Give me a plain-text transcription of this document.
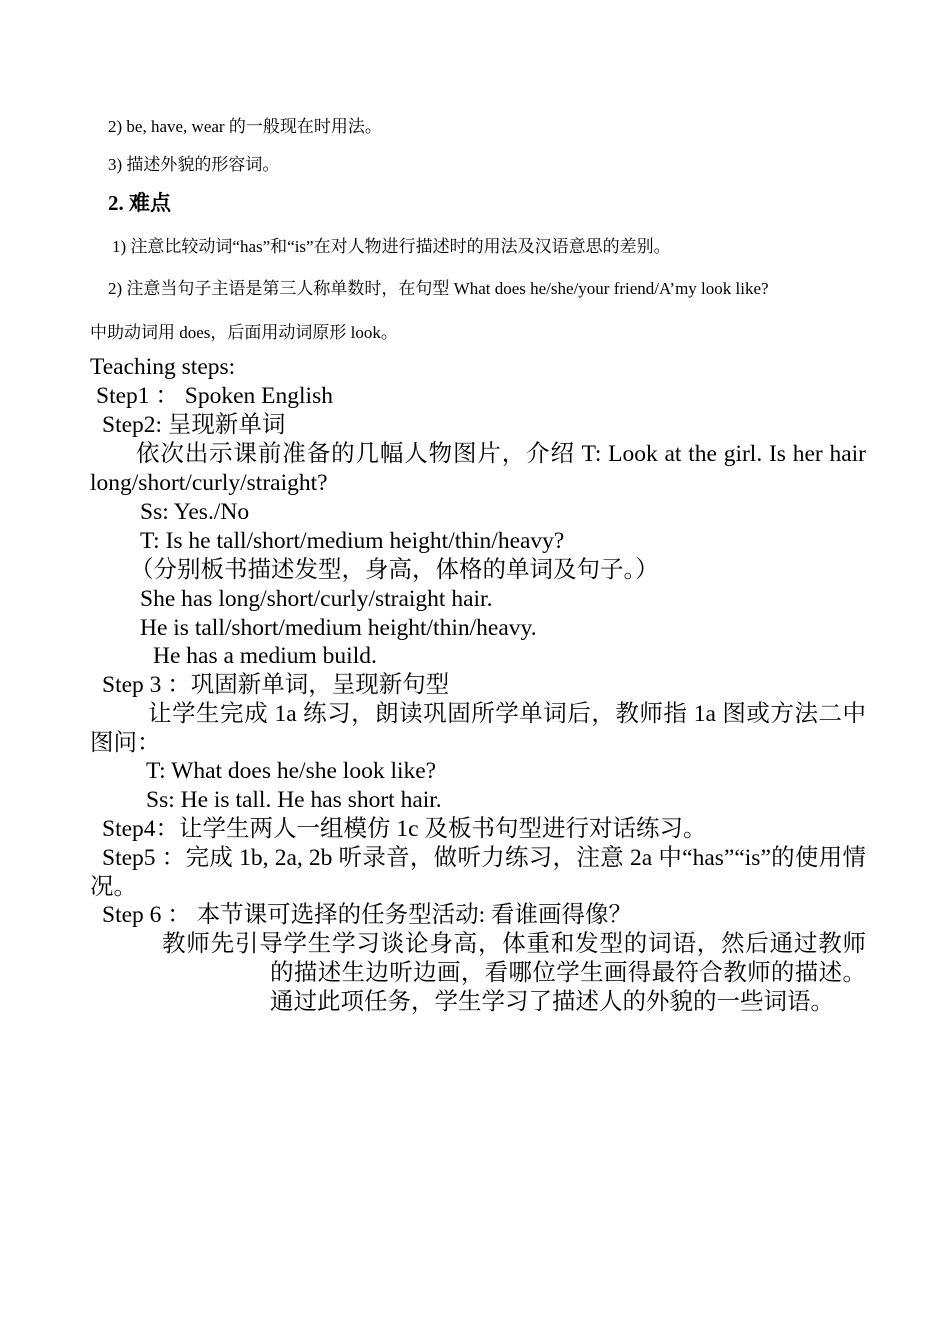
2) be, have, wear 的一般现在时用法。
3) 描述外貌的形容词。
2. 难点
1) 注意比较动词“has”和“is”在对人物进行描述时的用法及汉语意思的差别。
2) 注意当句子主语是第三人称单数时，在句型 What does he/she/your friend/A’my look like?
中助动词用 does，后面用动词原形 look。
Teaching steps:
Step1 ： Spoken English
Step2: 呈现新单词
依次出示课前准备的几幅人物图片，介绍 T: Look at the girl. Is her hair long/short/curly/straight?
Ss: Yes./No
T: Is he tall/short/medium height/thin/heavy?
（分别板书描述发型，身高，体格的单词及句子。）
She has long/short/curly/straight hair.
He is tall/short/medium height/thin/heavy.
He has a medium build.
Step 3 ：巩固新单词，呈现新句型
让学生完成 1a 练习，朗读巩固所学单词后，教师指 1a 图或方法二中图问：
T: What does he/she look like?
Ss: He is tall. He has short hair.
Step4：让学生两人一组模仿 1c 及板书句型进行对话练习。
Step5 ：完成 1b, 2a, 2b 听录音，做听力练习，注意 2a 中“has”“is”的使用情况。
Step 6 ： 本节课可选择的任务型活动: 看谁画得像？
教师先引导学生学习谈论身高，体重和发型的词语，然后通过教师的描述生边听边画，看哪位学生画得最符合教师的描述。通过此项任务，学生学习了描述人的外貌的一些词语。
